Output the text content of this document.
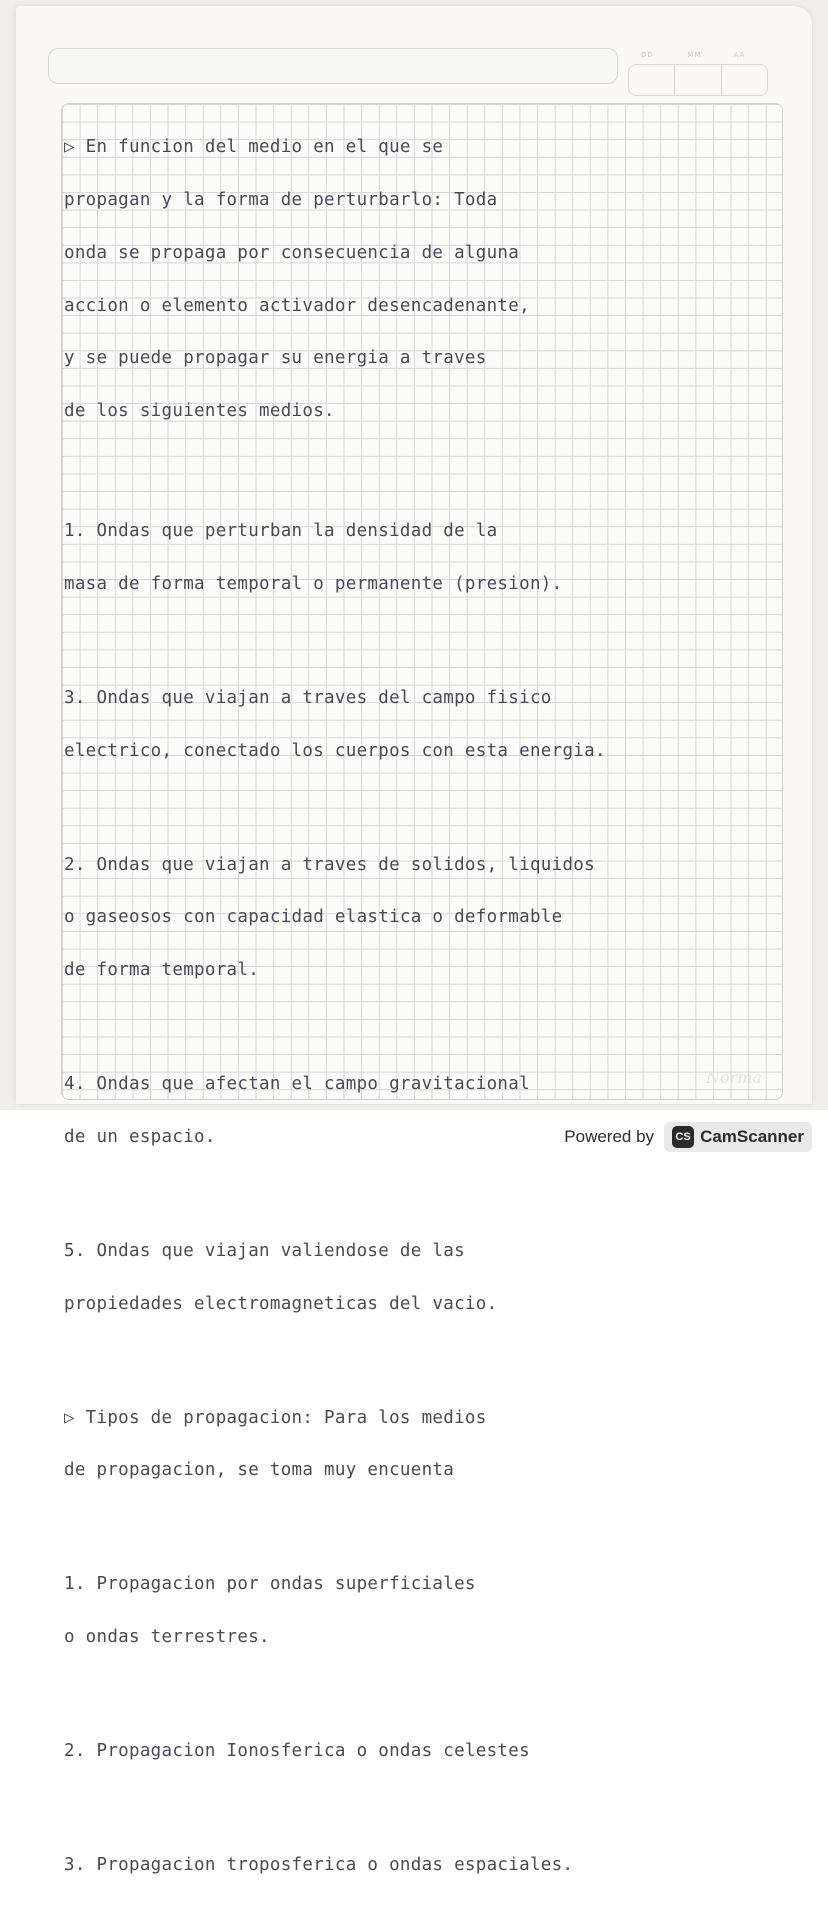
DD	MM	AA
Norma

▷ En funcion del medio en el que se

propagan y la forma de perturbarlo: Toda

onda se propaga por consecuencia de alguna

accion o elemento activador desencadenante,

y se puede propagar su energia a traves

de los siguientes medios.

1. Ondas que perturban la densidad de la

masa de forma temporal o permanente (presion).

3. Ondas que viajan a traves del campo fisico

electrico, conectado los cuerpos con esta energia.

2. Ondas que viajan a traves de solidos, liquidos

o gaseosos con capacidad elastica o deformable

de forma temporal.

4. Ondas que afectan el campo gravitacional

de un espacio.

5. Ondas que viajan valiendose de las

propiedades electromagneticas del vacio.

▷ Tipos de propagacion: Para los medios

de propagacion, se toma muy encuenta

1. Propagacion por ondas superficiales

o ondas terrestres.

2. Propagacion Ionosferica o ondas celestes

3. Propagacion troposferica o ondas espaciales.

Powered by	CS CamScanner
